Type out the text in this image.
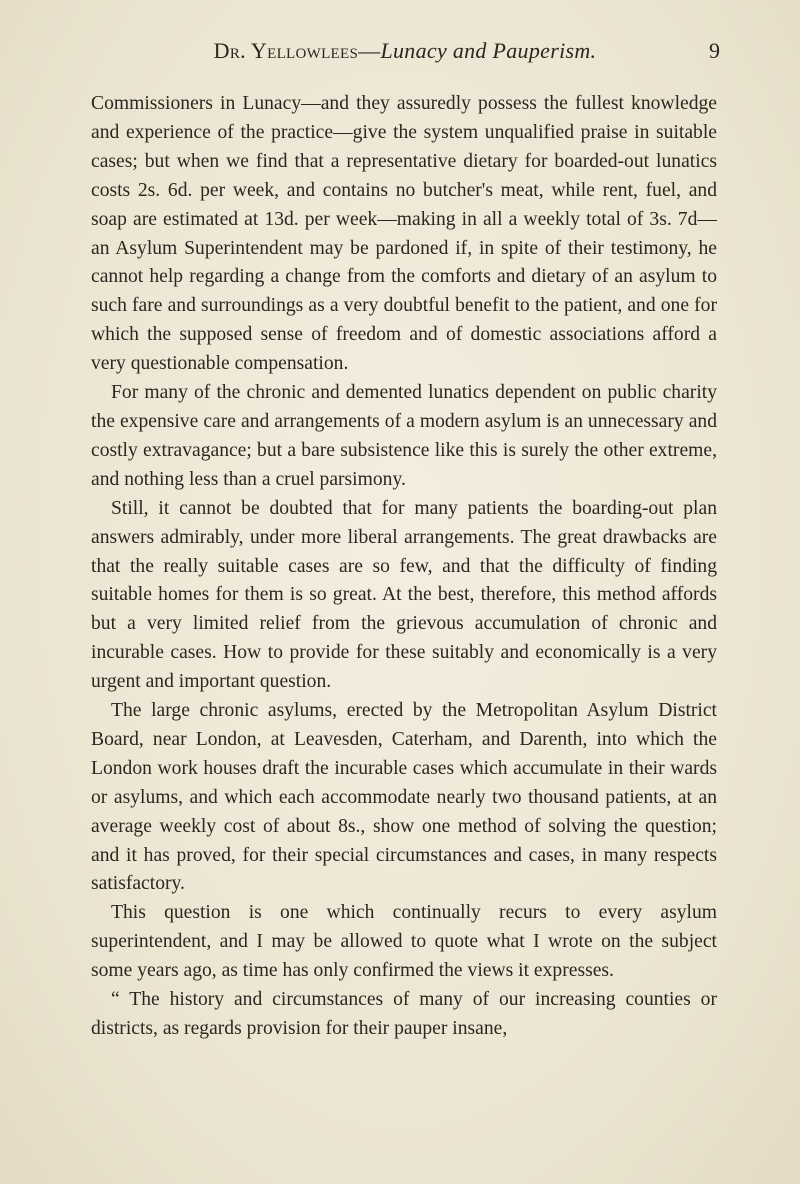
Dr. Yellowlees—Lunacy and Pauperism.	9

Commissioners in Lunacy—and they assuredly possess the fullest knowledge and experience of the practice—give the system unqualified praise in suitable cases; but when we find that a representative dietary for boarded-out lunatics costs 2s. 6d. per week, and contains no butcher's meat, while rent, fuel, and soap are estimated at 13d. per week—making in all a weekly total of 3s. 7d—an Asylum Superintendent may be pardoned if, in spite of their testimony, he cannot help regarding a change from the comforts and dietary of an asylum to such fare and surroundings as a very doubtful benefit to the patient, and one for which the supposed sense of freedom and of domestic associations afford a very questionable compensation.

For many of the chronic and demented lunatics dependent on public charity the expensive care and arrangements of a modern asylum is an unnecessary and costly extravagance; but a bare subsistence like this is surely the other extreme, and nothing less than a cruel parsimony.

Still, it cannot be doubted that for many patients the boarding-out plan answers admirably, under more liberal arrangements. The great drawbacks are that the really suitable cases are so few, and that the difficulty of finding suitable homes for them is so great. At the best, therefore, this method affords but a very limited relief from the grievous accumulation of chronic and incurable cases. How to provide for these suitably and economically is a very urgent and important question.

The large chronic asylums, erected by the Metropolitan Asylum District Board, near London, at Leavesden, Caterham, and Darenth, into which the London work houses draft the incurable cases which accumulate in their wards or asylums, and which each accommodate nearly two thousand patients, at an average weekly cost of about 8s., show one method of solving the question; and it has proved, for their special circumstances and cases, in many respects satisfactory.

This question is one which continually recurs to every asylum superintendent, and I may be allowed to quote what I wrote on the subject some years ago, as time has only confirmed the views it expresses.

“ The history and circumstances of many of our increasing counties or districts, as regards provision for their pauper insane,
